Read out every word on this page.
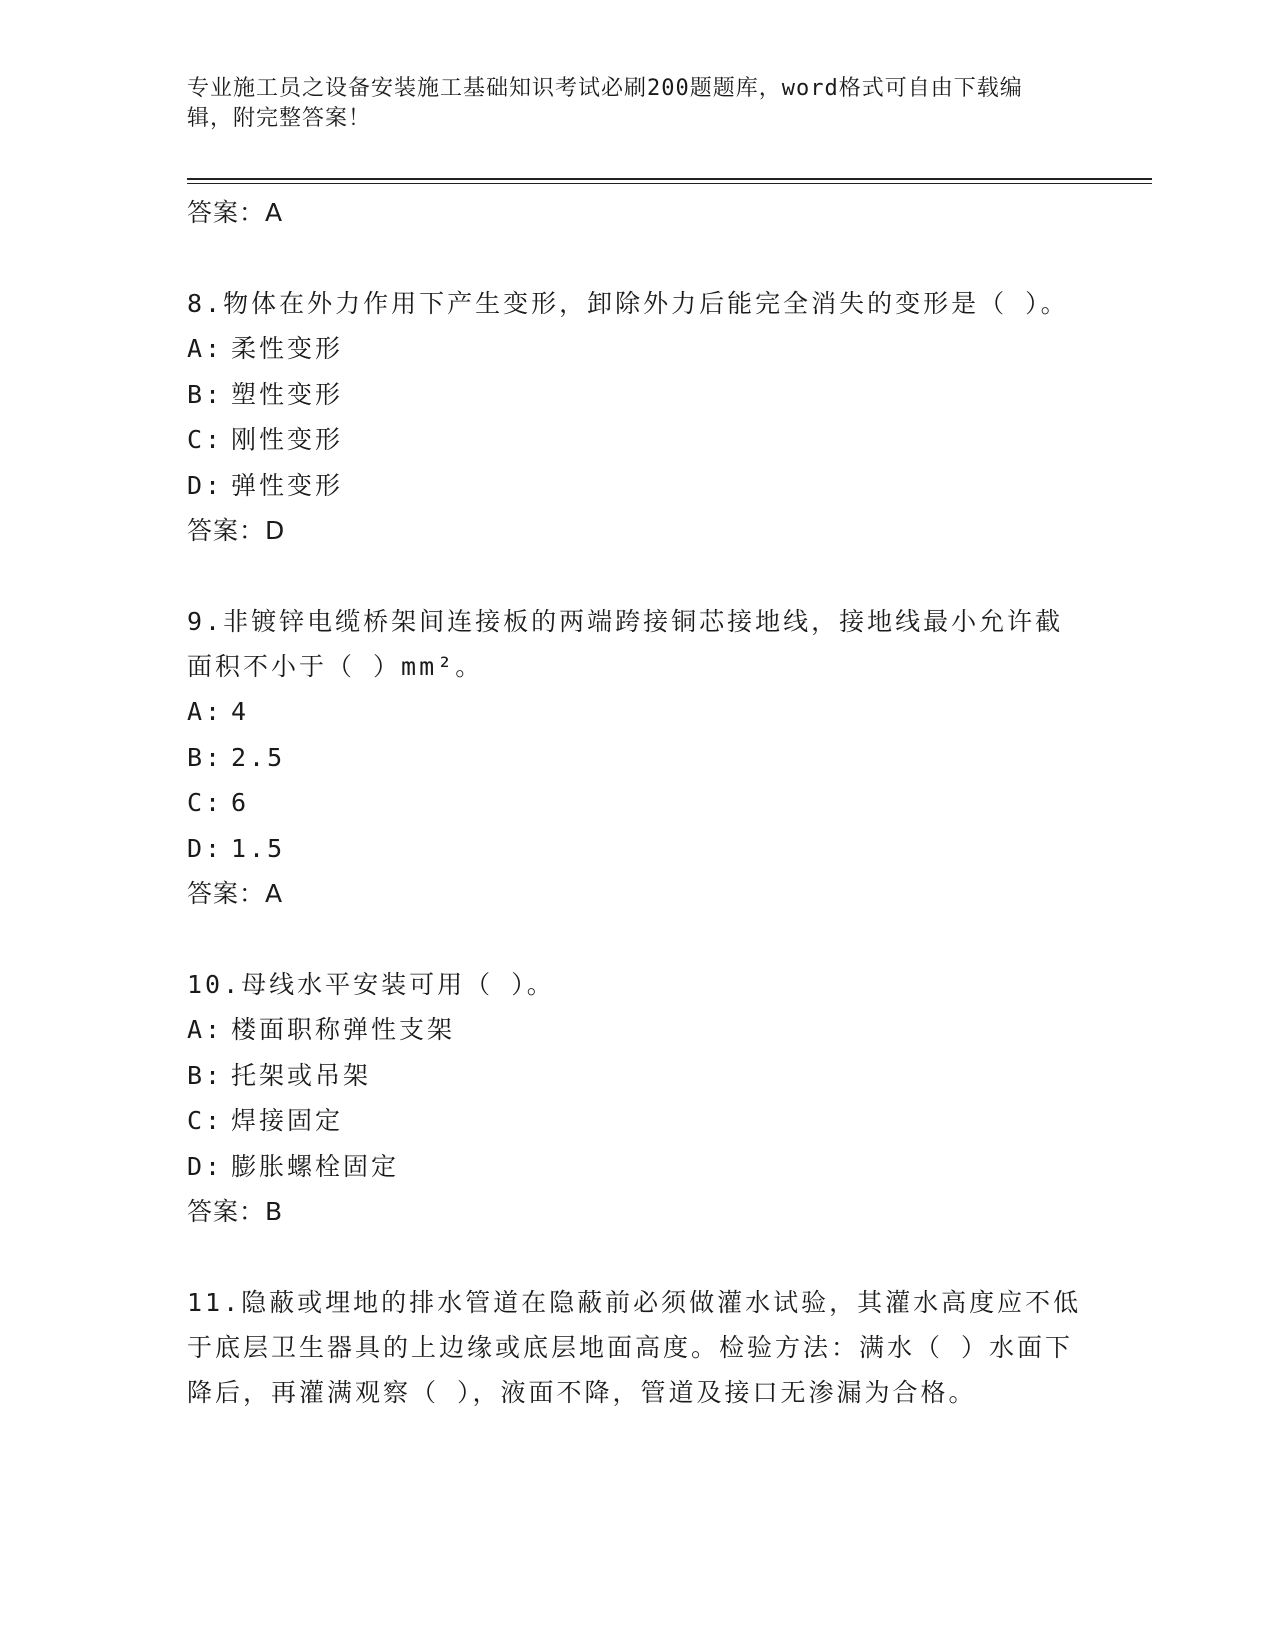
专业施工员之设备安装施工基础知识考试必刷200题题库，word格式可自由下载编辑，附完整答案！
答案：A
8.物体在外力作用下产生变形，卸除外力后能完全消失的变形是（ ）。
A: 柔性变形
B: 塑性变形
C: 刚性变形
D: 弹性变形
答案：D
9.非镀锌电缆桥架间连接板的两端跨接铜芯接地线，接地线最小允许截面积不小于（ ）mm²。
A: 4
B: 2.5
C: 6
D: 1.5
答案：A
10.母线水平安装可用（ ）。
A: 楼面职称弹性支架
B: 托架或吊架
C: 焊接固定
D: 膨胀螺栓固定
答案：B
11.隐蔽或埋地的排水管道在隐蔽前必须做灌水试验，其灌水高度应不低于底层卫生器具的上边缘或底层地面高度。检验方法：满水（ ）水面下降后，再灌满观察（ ），液面不降，管道及接口无渗漏为合格。
